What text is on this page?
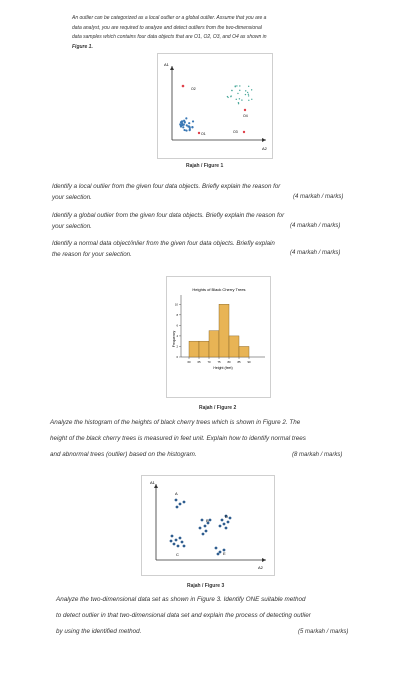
An outlier can be categorized as a local outlier or a global outlier. Assume that you are a
data analyst, you are required to analyze and detect outliers from the two-dimensional
data samples which contains four data objects that are O1, O2, O3, and O4 as shown in
Figure 1.
A1
A2
O2
O1	O3
O4
Rajah / Figure 1
Identify a local outlier from the given four data objects. Briefly explain the reason for
your selection.	(4 markah / marks)
Identify a global outlier from the given four data objects. Briefly explain the reason for
your selection.	(4 markah / marks)
Identify a normal data object/inlier from the given four data objects. Briefly explain
the reason for your selection.	(4 markah / marks)
Heights of Black Cherry Trees
Frequency
Height (feet)
0
2
4
6
8
10
60 65 70 75 80 85 90
Rajah / Figure 2
Analyze the histogram of the heights of black cherry trees which is shown in Figure 2. The
height of the black cherry trees is measured in feet unit. Explain how to identify normal trees
and abnormal trees (outlier) based on the histogram.	(8 markah / marks)
A1
A2
A
B
C
D
E
Rajah / Figure 3
Analyze the two-dimensional data set as shown in Figure 3. Identify ONE suitable method
to detect outlier in that two-dimensional data set and explain the process of detecting outlier
by using the identified method.	(5 markah / marks)
